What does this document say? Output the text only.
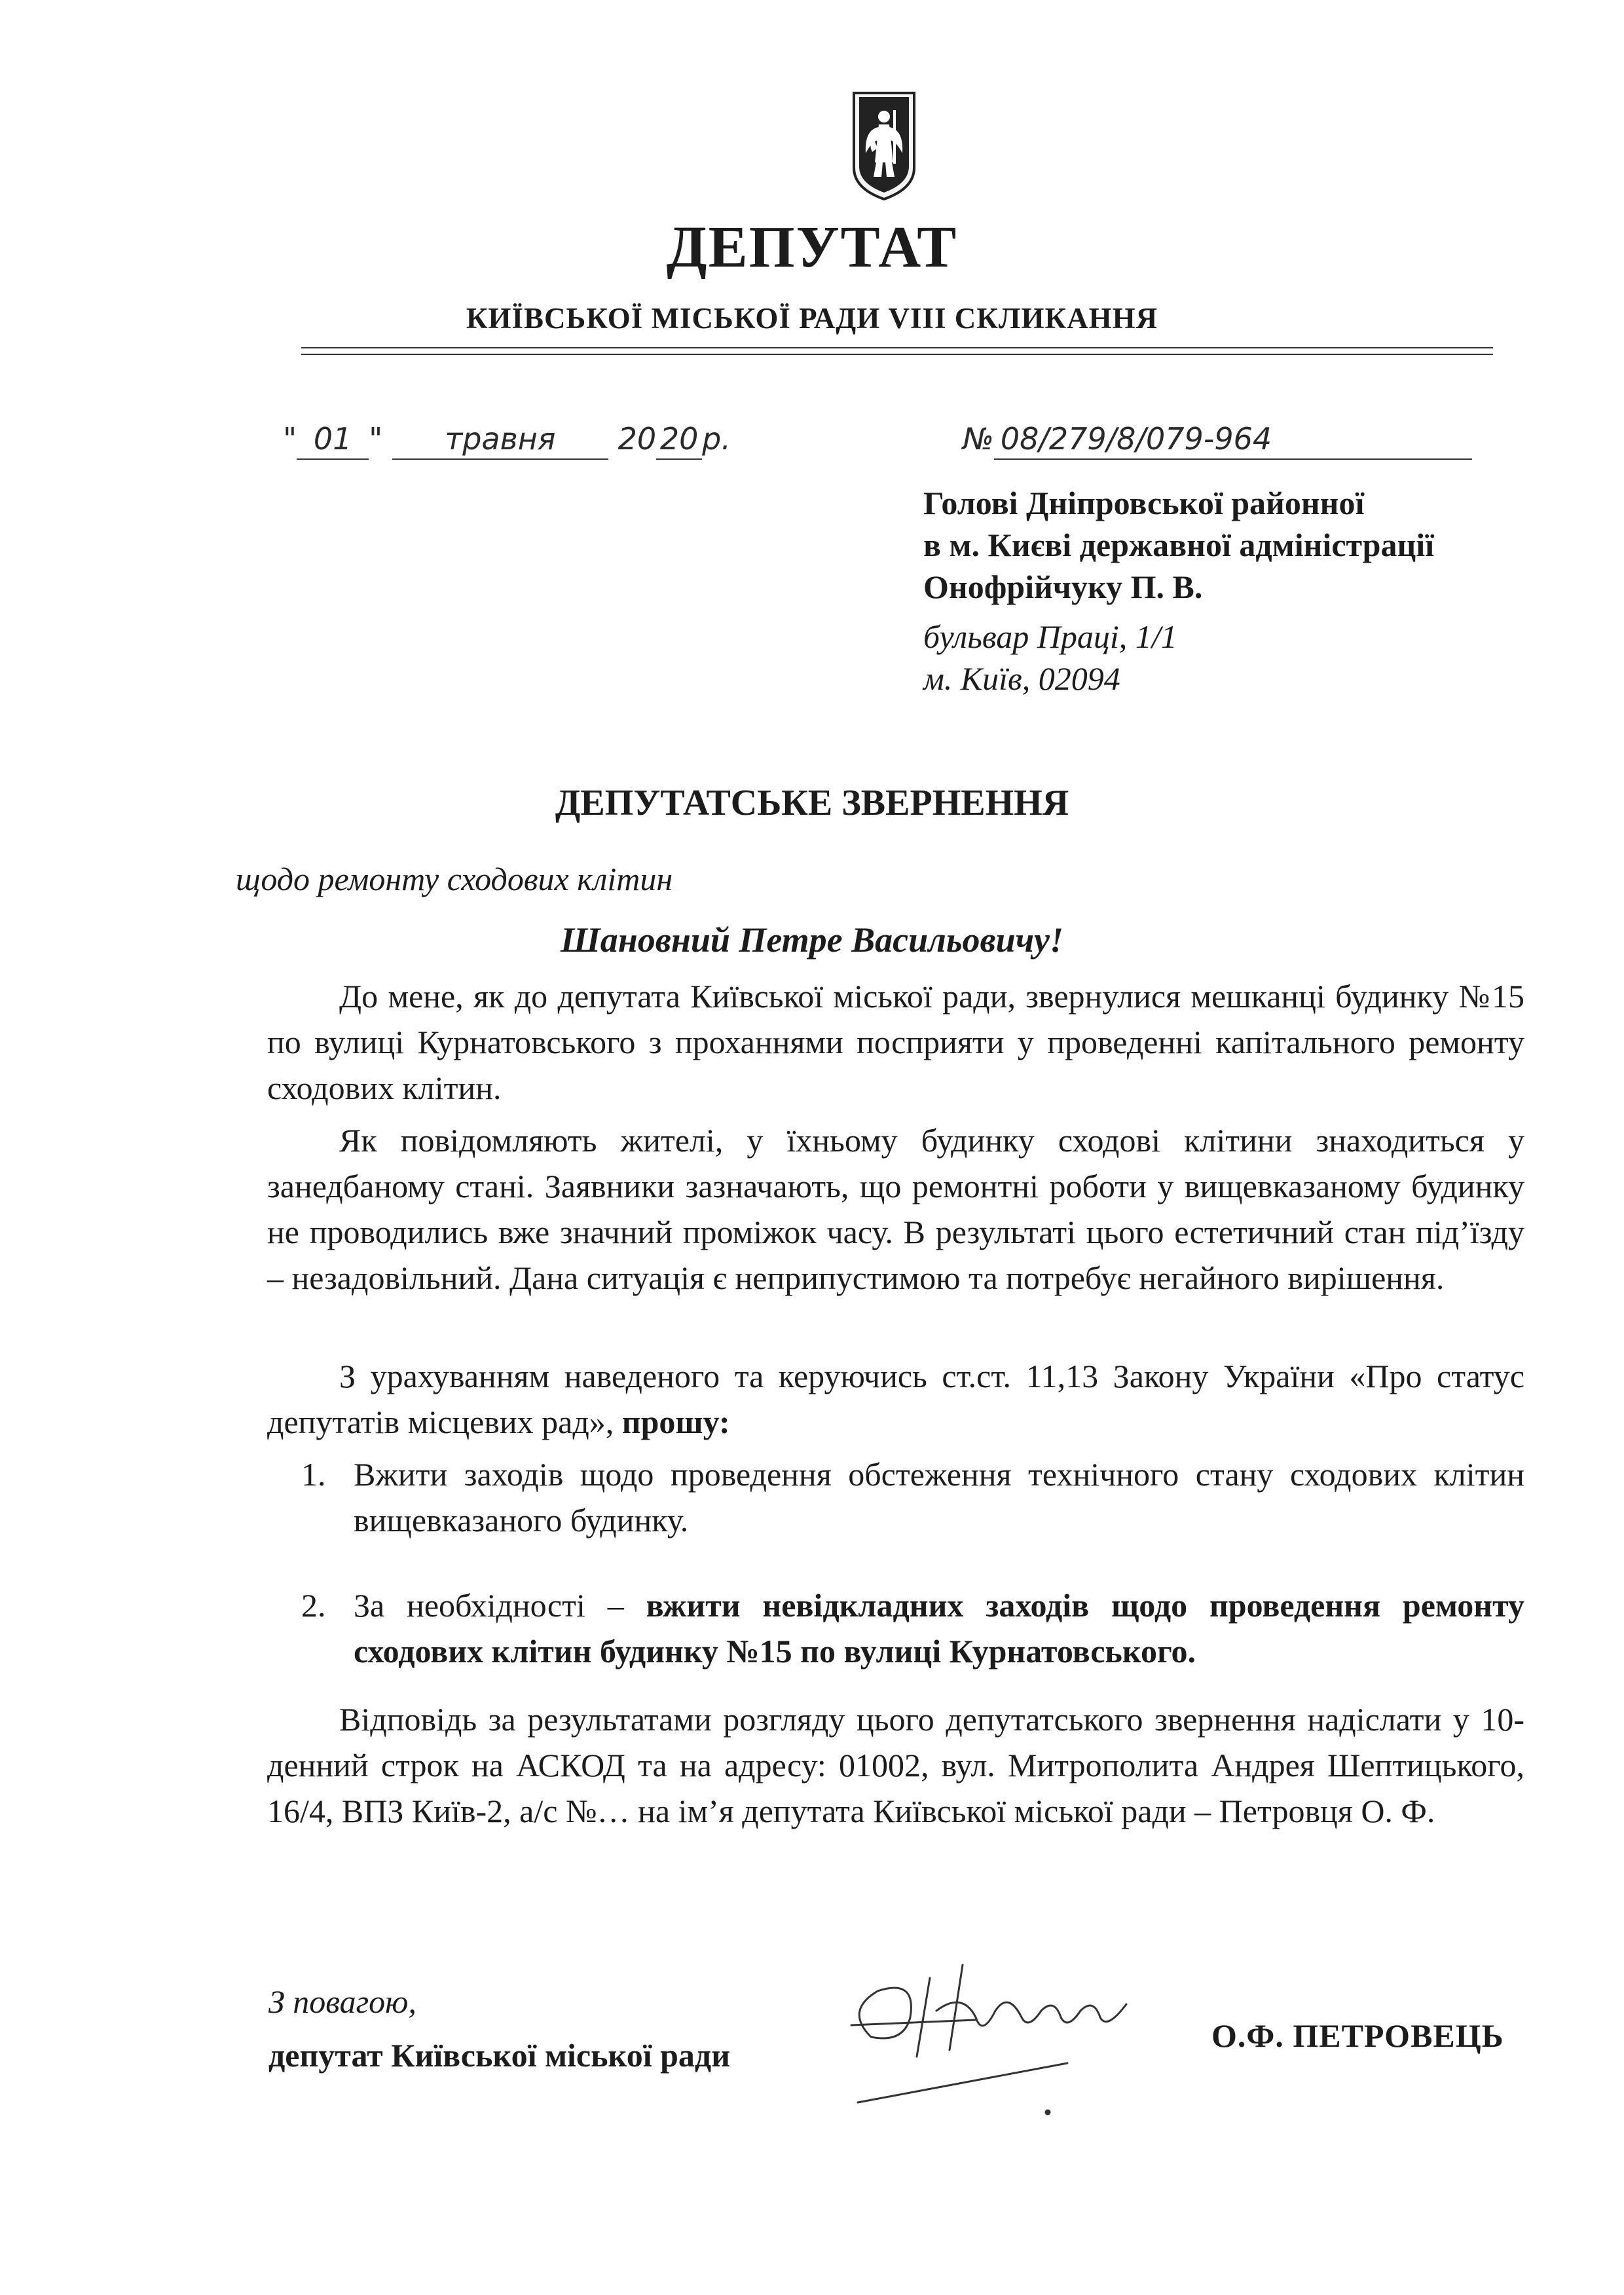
ДЕПУТАТ
КИЇВСЬКОЇ МІСЬКОЇ РАДИ VIII СКЛИКАННЯ
" 01 " травня 20 20 р.	№ 08/279/8/079-964
Голові Дніпровської районної
в м. Києві державної адміністрації
Онофрійчуку П. В.
бульвар Праці, 1/1
м. Київ, 02094
ДЕПУТАТСЬКЕ ЗВЕРНЕННЯ
щодо ремонту сходових клітин
Шановний Петре Васильовичу!

До мене, як до депутата Київської міської ради, звернулися мешканці будинку №15 по вулиці Курнатовського з проханнями посприяти у проведенні капітального ремонту сходових клітин.

Як повідомляють жителі, у їхньому будинку сходові клітини знаходиться у занедбаному стані. Заявники зазначають, що ремонтні роботи у вищевказаному будинку не проводились вже значний проміжок часу. В результаті цього естетичний стан під’їзду – незадовільний. Дана ситуація є неприпустимою та потребує негайного вирішення.

З урахуванням наведеного та керуючись ст.ст. 11,13 Закону України «Про статус депутатів місцевих рад», прошу:

1. Вжити заходів щодо проведення обстеження технічного стану сходових клітин вищевказаного будинку.
2. За необхідності – вжити невідкладних заходів щодо проведення ремонту сходових клітин будинку №15 по вулиці Курнатовського.

Відповідь за результатами розгляду цього депутатського звернення надіслати у 10-денний строк на АСКОД та на адресу: 01002, вул. Митрополита Андрея Шептицького, 16/4, ВПЗ Київ-2, а/с №… на ім’я депутата Київської міської ради – Петровця О. Ф.

З повагою,
депутат Київської міської ради
О.Ф. ПЕТРОВЕЦЬ
